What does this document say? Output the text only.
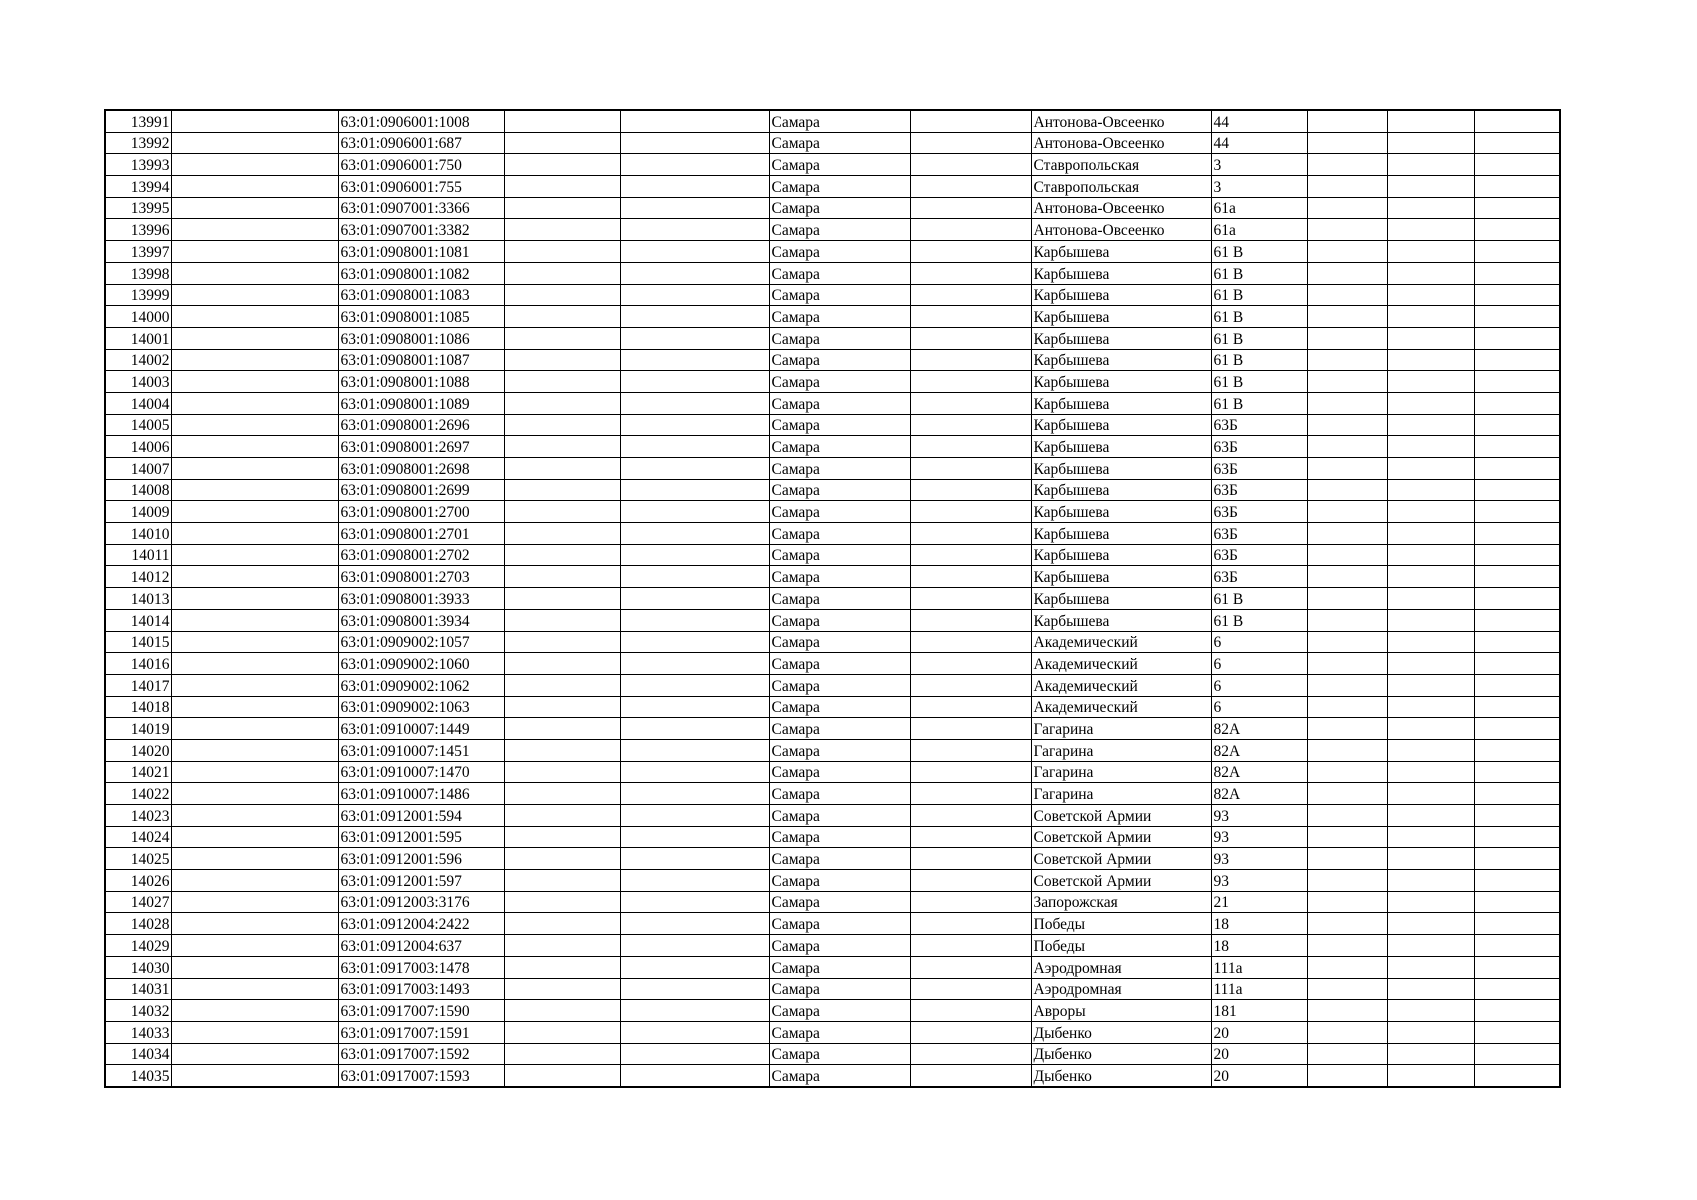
13991		63:01:0906001:1008			Самара		Антонова-Овсеенко	44			
13992		63:01:0906001:687			Самара		Антонова-Овсеенко	44			
13993		63:01:0906001:750			Самара		Ставропольская	3			
13994		63:01:0906001:755			Самара		Ставропольская	3			
13995		63:01:0907001:3366			Самара		Антонова-Овсеенко	61а			
13996		63:01:0907001:3382			Самара		Антонова-Овсеенко	61а			
13997		63:01:0908001:1081			Самара		Карбышева	61 В			
13998		63:01:0908001:1082			Самара		Карбышева	61 В			
13999		63:01:0908001:1083			Самара		Карбышева	61 В			
14000		63:01:0908001:1085			Самара		Карбышева	61 В			
14001		63:01:0908001:1086			Самара		Карбышева	61 В			
14002		63:01:0908001:1087			Самара		Карбышева	61 В			
14003		63:01:0908001:1088			Самара		Карбышева	61 В			
14004		63:01:0908001:1089			Самара		Карбышева	61 В			
14005		63:01:0908001:2696			Самара		Карбышева	63Б			
14006		63:01:0908001:2697			Самара		Карбышева	63Б			
14007		63:01:0908001:2698			Самара		Карбышева	63Б			
14008		63:01:0908001:2699			Самара		Карбышева	63Б			
14009		63:01:0908001:2700			Самара		Карбышева	63Б			
14010		63:01:0908001:2701			Самара		Карбышева	63Б			
14011		63:01:0908001:2702			Самара		Карбышева	63Б			
14012		63:01:0908001:2703			Самара		Карбышева	63Б			
14013		63:01:0908001:3933			Самара		Карбышева	61 В			
14014		63:01:0908001:3934			Самара		Карбышева	61 В			
14015		63:01:0909002:1057			Самара		Академический	6			
14016		63:01:0909002:1060			Самара		Академический	6			
14017		63:01:0909002:1062			Самара		Академический	6			
14018		63:01:0909002:1063			Самара		Академический	6			
14019		63:01:0910007:1449			Самара		Гагарина	82А			
14020		63:01:0910007:1451			Самара		Гагарина	82А			
14021		63:01:0910007:1470			Самара		Гагарина	82А			
14022		63:01:0910007:1486			Самара		Гагарина	82А			
14023		63:01:0912001:594			Самара		Советской Армии	93			
14024		63:01:0912001:595			Самара		Советской Армии	93			
14025		63:01:0912001:596			Самара		Советской Армии	93			
14026		63:01:0912001:597			Самара		Советской Армии	93			
14027		63:01:0912003:3176			Самара		Запорожская	21			
14028		63:01:0912004:2422			Самара		Победы	18			
14029		63:01:0912004:637			Самара		Победы	18			
14030		63:01:0917003:1478			Самара		Аэродромная	111а			
14031		63:01:0917003:1493			Самара		Аэродромная	111а			
14032		63:01:0917007:1590			Самара		Авроры	181			
14033		63:01:0917007:1591			Самара		Дыбенко	20			
14034		63:01:0917007:1592			Самара		Дыбенко	20			
14035		63:01:0917007:1593			Самара		Дыбенко	20			
